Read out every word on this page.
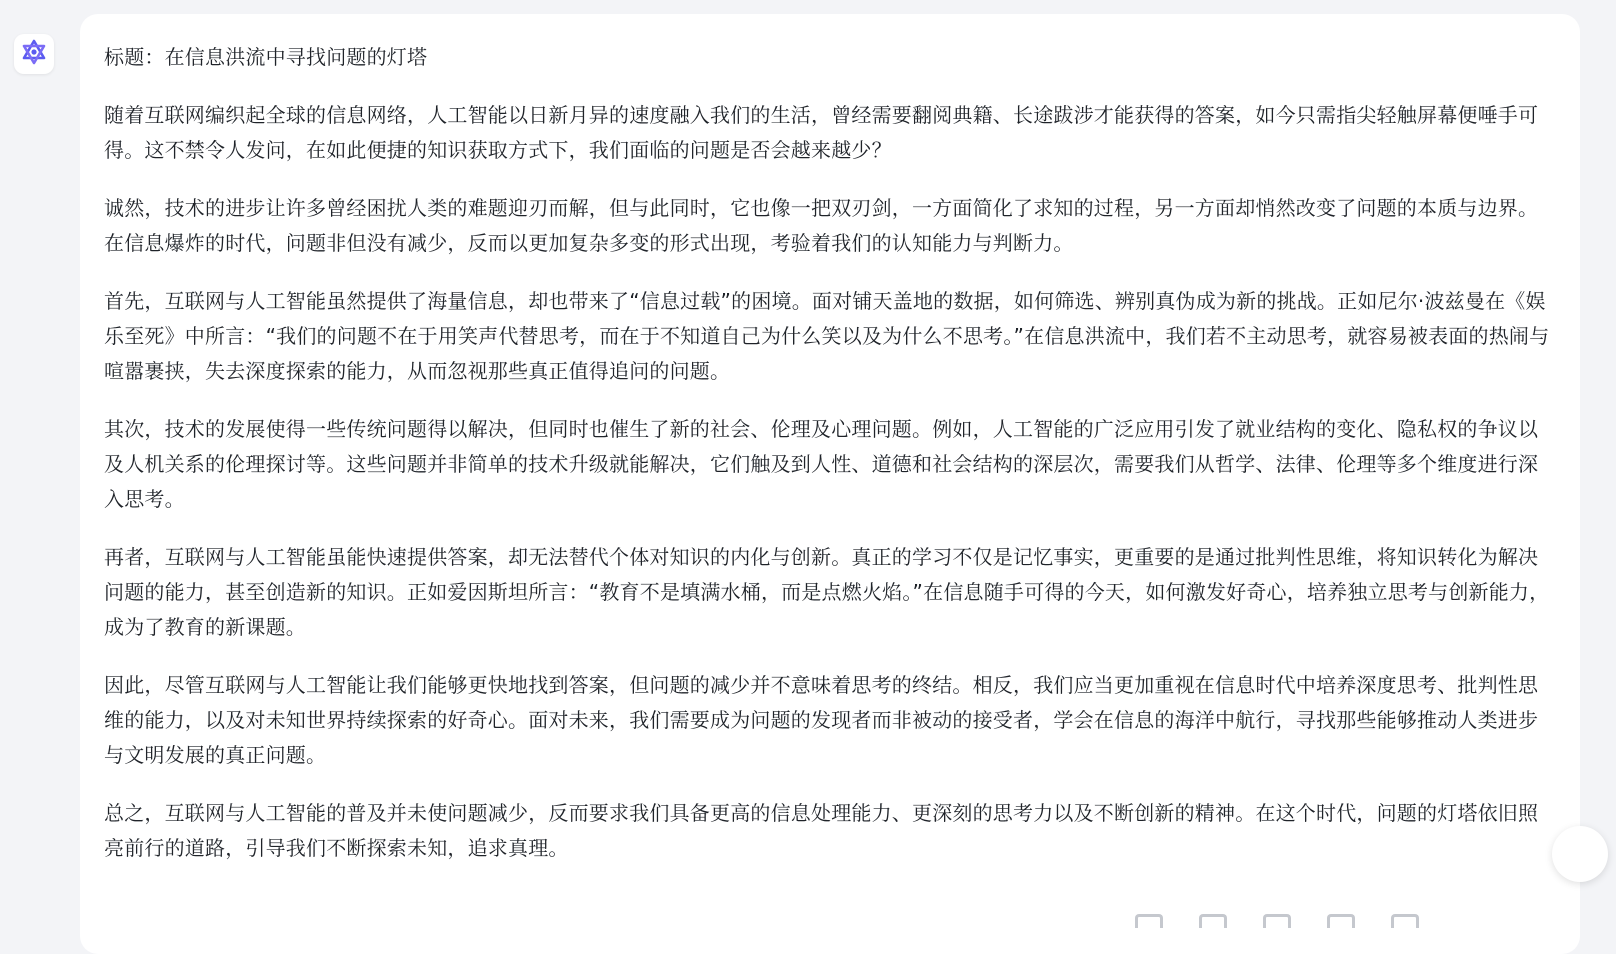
标题：在信息洪流中寻找问题的灯塔

随着互联网编织起全球的信息网络，人工智能以日新月异的速度融入我们的生活，曾经需要翻阅典籍、长途跋涉才能获得的答案，如今只需指尖轻触屏幕便唾手可得。这不禁令人发问，在如此便捷的知识获取方式下，我们面临的问题是否会越来越少？

诚然，技术的进步让许多曾经困扰人类的难题迎刃而解，但与此同时，它也像一把双刃剑，一方面简化了求知的过程，另一方面却悄然改变了问题的本质与边界。在信息爆炸的时代，问题非但没有减少，反而以更加复杂多变的形式出现，考验着我们的认知能力与判断力。

首先，互联网与人工智能虽然提供了海量信息，却也带来了“信息过载”的困境。面对铺天盖地的数据，如何筛选、辨别真伪成为新的挑战。正如尼尔·波兹曼在《娱乐至死》中所言：“我们的问题不在于用笑声代替思考，而在于不知道自己为什么笑以及为什么不思考。”在信息洪流中，我们若不主动思考，就容易被表面的热闹与喧嚣裹挟，失去深度探索的能力，从而忽视那些真正值得追问的问题。

其次，技术的发展使得一些传统问题得以解决，但同时也催生了新的社会、伦理及心理问题。例如，人工智能的广泛应用引发了就业结构的变化、隐私权的争议以及人机关系的伦理探讨等。这些问题并非简单的技术升级就能解决，它们触及到人性、道德和社会结构的深层次，需要我们从哲学、法律、伦理等多个维度进行深入思考。

再者，互联网与人工智能虽能快速提供答案，却无法替代个体对知识的内化与创新。真正的学习不仅是记忆事实，更重要的是通过批判性思维，将知识转化为解决问题的能力，甚至创造新的知识。正如爱因斯坦所言：“教育不是填满水桶，而是点燃火焰。”在信息随手可得的今天，如何激发好奇心，培养独立思考与创新能力，成为了教育的新课题。

因此，尽管互联网与人工智能让我们能够更快地找到答案，但问题的减少并不意味着思考的终结。相反，我们应当更加重视在信息时代中培养深度思考、批判性思维的能力，以及对未知世界持续探索的好奇心。面对未来，我们需要成为问题的发现者而非被动的接受者，学会在信息的海洋中航行，寻找那些能够推动人类进步与文明发展的真正问题。

总之，互联网与人工智能的普及并未使问题减少，反而要求我们具备更高的信息处理能力、更深刻的思考力以及不断创新的精神。在这个时代，问题的灯塔依旧照亮前行的道路，引导我们不断探索未知，追求真理。
